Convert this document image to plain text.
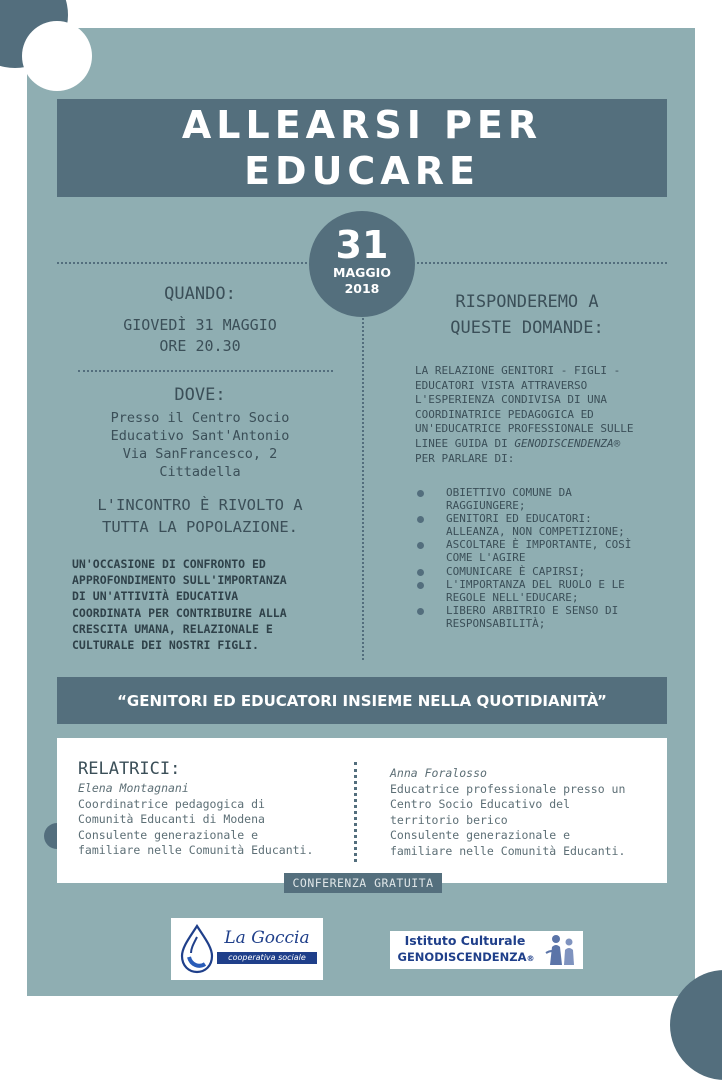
ALLEARSI PER
EDUCARE
31
MAGGIO
2018
QUANDO:
GIOVEDÌ 31 MAGGIO
ORE 20.30
DOVE:
Presso il Centro Socio
Educativo Sant'Antonio
Via SanFrancesco, 2
Cittadella
L'INCONTRO È RIVOLTO A
TUTTA LA POPOLAZIONE.
UN'OCCASIONE DI CONFRONTO ED
APPROFONDIMENTO SULL'IMPORTANZA
DI UN'ATTIVITÀ EDUCATIVA
COORDINATA PER CONTRIBUIRE ALLA
CRESCITA UMANA, RELAZIONALE E
CULTURALE DEI NOSTRI FIGLI.
RISPONDEREMO A
QUESTE DOMANDE:
LA RELAZIONE GENITORI - FIGLI -
EDUCATORI VISTA ATTRAVERSO
L'ESPERIENZA CONDIVISA DI UNA
COORDINATRICE PEDAGOGICA ED
UN'EDUCATRICE PROFESSIONALE SULLE
LINEE GUIDA DI GENODISCENDENZA®
PER PARLARE DI:
OBIETTIVO COMUNE DA
RAGGIUNGERE;
GENITORI ED EDUCATORI:
ALLEANZA, NON COMPETIZIONE;
ASCOLTARE È IMPORTANTE, COSÌ
COME L'AGIRE
COMUNICARE È CAPIRSI;
L'IMPORTANZA DEL RUOLO E LE
REGOLE NELL'EDUCARE;
LIBERO ARBITRIO E SENSO DI
RESPONSABILITÀ;
“GENITORI ED EDUCATORI INSIEME NELLA QUOTIDIANITÀ”
RELATRICI:
Elena Montagnani
Coordinatrice pedagogica di
Comunità Educanti di Modena
Consulente generazionale e
familiare nelle Comunità Educanti.
Anna Foralosso
Educatrice professionale presso un
Centro Socio Educativo del
territorio berico
Consulente generazionale e
familiare nelle Comunità Educanti.
CONFERENZA GRATUITA
La Goccia
cooperativa sociale
Istituto Culturale
GENODISCENDENZA®
